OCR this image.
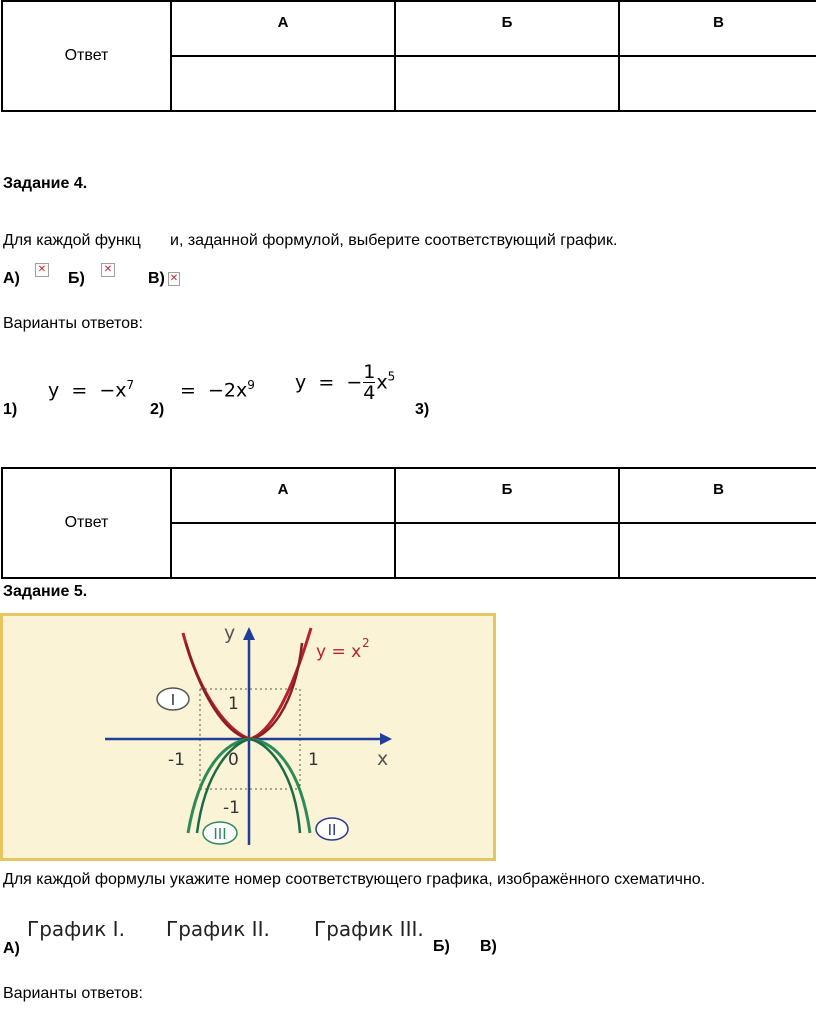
Ответ	А	Б	В

Задание 4.
Для каждой функц и, заданной формулой, выберите соответствующий график.
А)
✕
Б)
✕
В) ✕
Варианты ответов:
1)
$y = -x^7$
2)
= $-2x^9$ y = − $\frac{1}{4} x^5$
3)
Ответ	А	Б	В

Задание 5.
y
x
y = x 2
1
-1	0	1
-1
I
II
III
Для каждой формулы укажите номер соответствующего графика, изображённого схематично.
График I. График II. График III.
А)	Б) В)
Варианты ответов:
